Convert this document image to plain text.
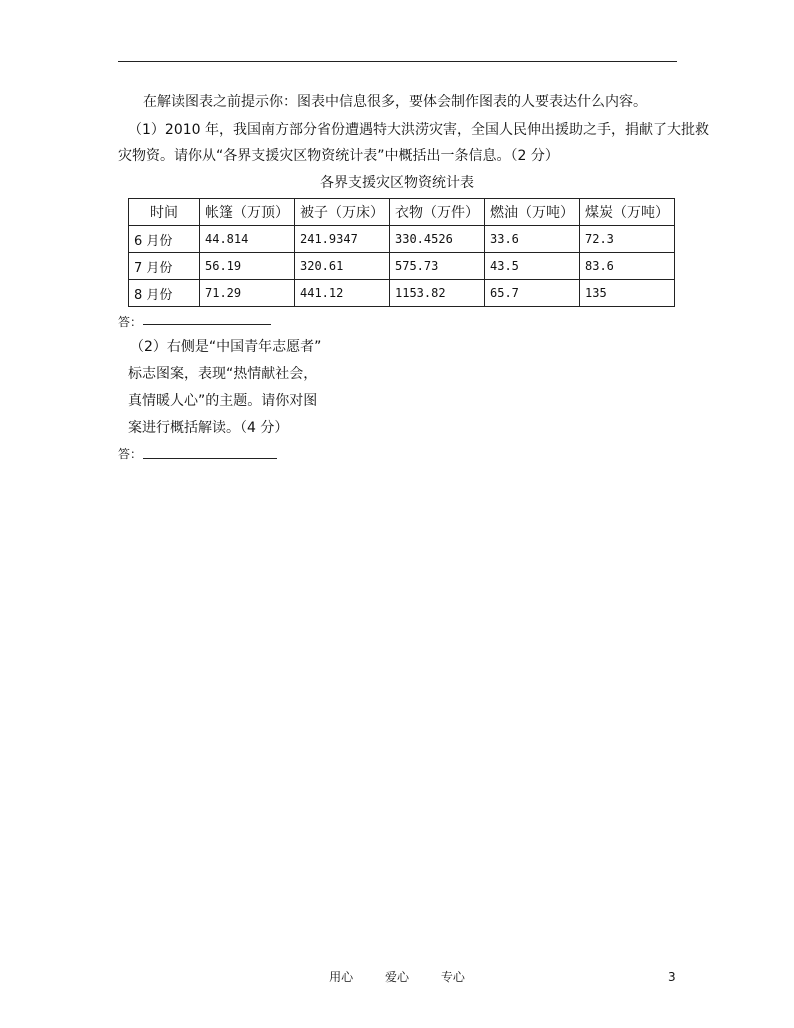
在解读图表之前提示你：图表中信息很多，要体会制作图表的人要表达什么内容。
（1）2010 年，我国南方部分省份遭遇特大洪涝灾害，全国人民伸出援助之手，捐献了大批救
灾物资。请你从“各界支援灾区物资统计表”中概括出一条信息。（2 分）
各界支援灾区物资统计表
时间	帐篷（万顶）	被子（万床）	衣物（万件）	燃油（万吨）	煤炭（万吨）
6 月份	44.814	241.9347	330.4526	33.6	72.3
7 月份	56.19	320.61	575.73	43.5	83.6
8 月份	71.29	441.12	1153.82	65.7	135
答：
（2）右侧是“中国青年志愿者”
标志图案，表现“热情献社会，
真情暖人心”的主题。请你对图
案进行概括解读。（4 分）
答：
用心	爱心	专心	3
